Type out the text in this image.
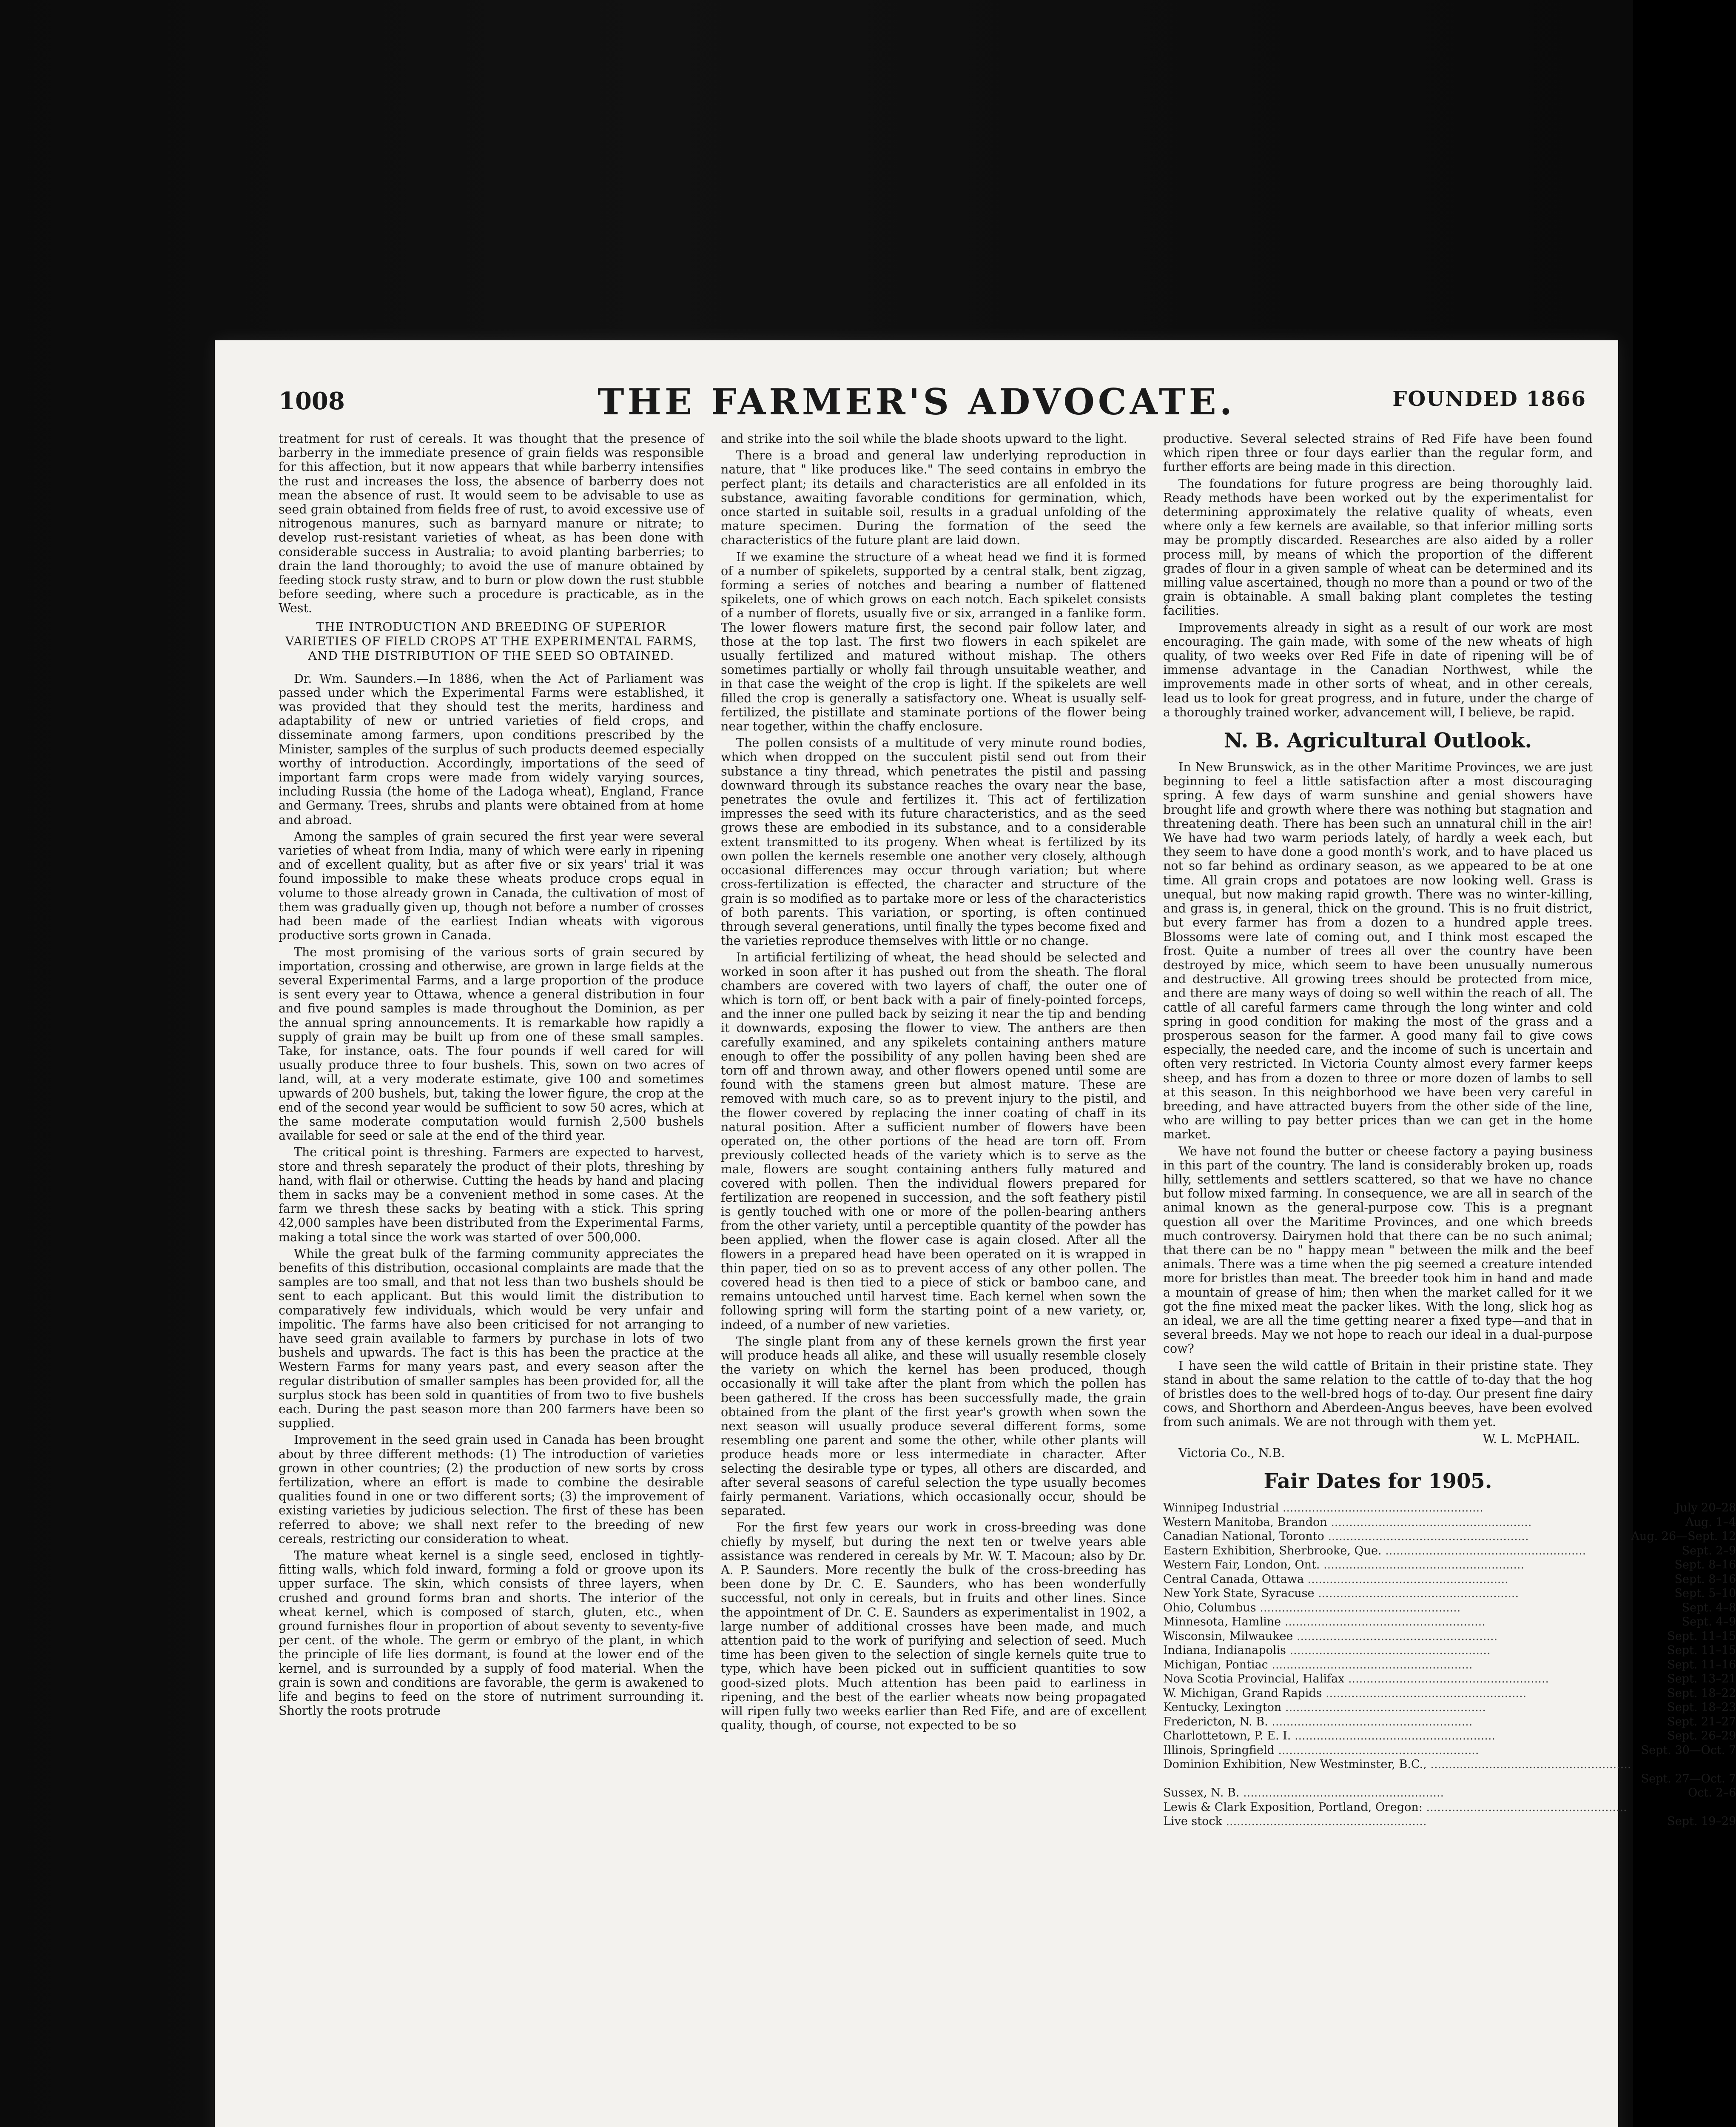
1008	THE FARMER'S ADVOCATE.	FOUNDED 1866

treatment for rust of cereals. It was thought that the presence of barberry in the immediate presence of grain fields was responsible for this affection, but it now appears that while barberry intensifies the rust and increases the loss, the absence of barberry does not mean the absence of rust. It would seem to be advisable to use as seed grain obtained from fields free of rust, to avoid excessive use of nitrogenous manures, such as barnyard manure or nitrate; to develop rust-resistant varieties of wheat, as has been done with considerable success in Australia; to avoid planting barberries; to drain the land thoroughly; to avoid the use of manure obtained by feeding stock rusty straw, and to burn or plow down the rust stubble before seeding, where such a procedure is practicable, as in the West.

THE INTRODUCTION AND BREEDING OF SUPERIOR VARIETIES OF FIELD CROPS AT THE EXPERIMENTAL FARMS, AND THE DISTRIBUTION OF THE SEED SO OBTAINED.

Dr. Wm. Saunders.—In 1886, when the Act of Parliament was passed under which the Experimental Farms were established, it was provided that they should test the merits, hardiness and adaptability of new or untried varieties of field crops, and disseminate among farmers, upon conditions prescribed by the Minister, samples of the surplus of such products deemed especially worthy of introduction. Accordingly, importations of the seed of important farm crops were made from widely varying sources, including Russia (the home of the Ladoga wheat), England, France and Germany. Trees, shrubs and plants were obtained from at home and abroad.

Among the samples of grain secured the first year were several varieties of wheat from India, many of which were early in ripening and of excellent quality, but as after five or six years' trial it was found impossible to make these wheats produce crops equal in volume to those already grown in Canada, the cultivation of most of them was gradually given up, though not before a number of crosses had been made of the earliest Indian wheats with vigorous productive sorts grown in Canada.

The most promising of the various sorts of grain secured by importation, crossing and otherwise, are grown in large fields at the several Experimental Farms, and a large proportion of the produce is sent every year to Ottawa, whence a general distribution in four and five pound samples is made throughout the Dominion, as per the annual spring announcements. It is remarkable how rapidly a supply of grain may be built up from one of these small samples. Take, for instance, oats. The four pounds if well cared for will usually produce three to four bushels. This, sown on two acres of land, will, at a very moderate estimate, give 100 and sometimes upwards of 200 bushels, but, taking the lower figure, the crop at the end of the second year would be sufficient to sow 50 acres, which at the same moderate computation would furnish 2,500 bushels available for seed or sale at the end of the third year.

The critical point is threshing. Farmers are expected to harvest, store and thresh separately the product of their plots, threshing by hand, with flail or otherwise. Cutting the heads by hand and placing them in sacks may be a convenient method in some cases. At the farm we thresh these sacks by beating with a stick. This spring 42,000 samples have been distributed from the Experimental Farms, making a total since the work was started of over 500,000.

While the great bulk of the farming community appreciates the benefits of this distribution, occasional complaints are made that the samples are too small, and that not less than two bushels should be sent to each applicant. But this would limit the distribution to comparatively few individuals, which would be very unfair and impolitic. The farms have also been criticised for not arranging to have seed grain available to farmers by purchase in lots of two bushels and upwards. The fact is this has been the practice at the Western Farms for many years past, and every season after the regular distribution of smaller samples has been provided for, all the surplus stock has been sold in quantities of from two to five bushels each. During the past season more than 200 farmers have been so supplied.

Improvement in the seed grain used in Canada has been brought about by three different methods: (1) The introduction of varieties grown in other countries; (2) the production of new sorts by cross fertilization, where an effort is made to combine the desirable qualities found in one or two different sorts; (3) the improvement of existing varieties by judicious selection. The first of these has been referred to above; we shall next refer to the breeding of new cereals, restricting our consideration to wheat.

The mature wheat kernel is a single seed, enclosed in tightly-fitting walls, which fold inward, forming a fold or groove upon its upper surface. The skin, which consists of three layers, when crushed and ground forms bran and shorts. The interior of the wheat kernel, which is composed of starch, gluten, etc., when ground furnishes flour in proportion of about seventy to seventy-five per cent. of the whole. The germ or embryo of the plant, in which the principle of life lies dormant, is found at the lower end of the kernel, and is surrounded by a supply of food material. When the grain is sown and conditions are favorable, the germ is awakened to life and begins to feed on the store of nutriment surrounding it. Shortly the roots protrude

and strike into the soil while the blade shoots upward to the light.

There is a broad and general law underlying reproduction in nature, that " like produces like." The seed contains in embryo the perfect plant; its details and characteristics are all enfolded in its substance, awaiting favorable conditions for germination, which, once started in suitable soil, results in a gradual unfolding of the mature specimen. During the formation of the seed the characteristics of the future plant are laid down.

If we examine the structure of a wheat head we find it is formed of a number of spikelets, supported by a central stalk, bent zigzag, forming a series of notches and bearing a number of flattened spikelets, one of which grows on each notch. Each spikelet consists of a number of florets, usually five or six, arranged in a fanlike form. The lower flowers mature first, the second pair follow later, and those at the top last. The first two flowers in each spikelet are usually fertilized and matured without mishap. The others sometimes partially or wholly fail through unsuitable weather, and in that case the weight of the crop is light. If the spikelets are well filled the crop is generally a satisfactory one. Wheat is usually self-fertilized, the pistillate and staminate portions of the flower being near together, within the chaffy enclosure.

The pollen consists of a multitude of very minute round bodies, which when dropped on the succulent pistil send out from their substance a tiny thread, which penetrates the pistil and passing downward through its substance reaches the ovary near the base, penetrates the ovule and fertilizes it. This act of fertilization impresses the seed with its future characteristics, and as the seed grows these are embodied in its substance, and to a considerable extent transmitted to its progeny. When wheat is fertilized by its own pollen the kernels resemble one another very closely, although occasional differences may occur through variation; but where cross-fertilization is effected, the character and structure of the grain is so modified as to partake more or less of the characteristics of both parents. This variation, or sporting, is often continued through several generations, until finally the types become fixed and the varieties reproduce themselves with little or no change.

In artificial fertilizing of wheat, the head should be selected and worked in soon after it has pushed out from the sheath. The floral chambers are covered with two layers of chaff, the outer one of which is torn off, or bent back with a pair of finely-pointed forceps, and the inner one pulled back by seizing it near the tip and bending it downwards, exposing the flower to view. The anthers are then carefully examined, and any spikelets containing anthers mature enough to offer the possibility of any pollen having been shed are torn off and thrown away, and other flowers opened until some are found with the stamens green but almost mature. These are removed with much care, so as to prevent injury to the pistil, and the flower covered by replacing the inner coating of chaff in its natural position. After a sufficient number of flowers have been operated on, the other portions of the head are torn off. From previously collected heads of the variety which is to serve as the male, flowers are sought containing anthers fully matured and covered with pollen. Then the individual flowers prepared for fertilization are reopened in succession, and the soft feathery pistil is gently touched with one or more of the pollen-bearing anthers from the other variety, until a perceptible quantity of the powder has been applied, when the flower case is again closed. After all the flowers in a prepared head have been operated on it is wrapped in thin paper, tied on so as to prevent access of any other pollen. The covered head is then tied to a piece of stick or bamboo cane, and remains untouched until harvest time. Each kernel when sown the following spring will form the starting point of a new variety, or, indeed, of a number of new varieties.

The single plant from any of these kernels grown the first year will produce heads all alike, and these will usually resemble closely the variety on which the kernel has been produced, though occasionally it will take after the plant from which the pollen has been gathered. If the cross has been successfully made, the grain obtained from the plant of the first year's growth when sown the next season will usually produce several different forms, some resembling one parent and some the other, while other plants will produce heads more or less intermediate in character. After selecting the desirable type or types, all others are discarded, and after several seasons of careful selection the type usually becomes fairly permanent. Variations, which occasionally occur, should be separated.

For the first few years our work in cross-breeding was done chiefly by myself, but during the next ten or twelve years able assistance was rendered in cereals by Mr. W. T. Macoun; also by Dr. A. P. Saunders. More recently the bulk of the cross-breeding has been done by Dr. C. E. Saunders, who has been wonderfully successful, not only in cereals, but in fruits and other lines. Since the appointment of Dr. C. E. Saunders as experimentalist in 1902, a large number of additional crosses have been made, and much attention paid to the work of purifying and selection of seed. Much time has been given to the selection of single kernels quite true to type, which have been picked out in sufficient quantities to sow good-sized plots. Much attention has been paid to earliness in ripening, and the best of the earlier wheats now being propagated will ripen fully two weeks earlier than Red Fife, and are of excellent quality, though, of course, not expected to be so

productive. Several selected strains of Red Fife have been found which ripen three or four days earlier than the regular form, and further efforts are being made in this direction.

The foundations for future progress are being thoroughly laid. Ready methods have been worked out by the experimentalist for determining approximately the relative quality of wheats, even where only a few kernels are available, so that inferior milling sorts may be promptly discarded. Researches are also aided by a roller process mill, by means of which the proportion of the different grades of flour in a given sample of wheat can be determined and its milling value ascertained, though no more than a pound or two of the grain is obtainable. A small baking plant completes the testing facilities.

Improvements already in sight as a result of our work are most encouraging. The gain made, with some of the new wheats of high quality, of two weeks over Red Fife in date of ripening will be of immense advantage in the Canadian Northwest, while the improvements made in other sorts of wheat, and in other cereals, lead us to look for great progress, and in future, under the charge of a thoroughly trained worker, advancement will, I believe, be rapid.

N. B. Agricultural Outlook.

In New Brunswick, as in the other Maritime Provinces, we are just beginning to feel a little satisfaction after a most discouraging spring. A few days of warm sunshine and genial showers have brought life and growth where there was nothing but stagnation and threatening death. There has been such an unnatural chill in the air! We have had two warm periods lately, of hardly a week each, but they seem to have done a good month's work, and to have placed us not so far behind as ordinary season, as we appeared to be at one time. All grain crops and potatoes are now looking well. Grass is unequal, but now making rapid growth. There was no winter-killing, and grass is, in general, thick on the ground. This is no fruit district, but every farmer has from a dozen to a hundred apple trees. Blossoms were late of coming out, and I think most escaped the frost. Quite a number of trees all over the country have been destroyed by mice, which seem to have been unusually numerous and destructive. All growing trees should be protected from mice, and there are many ways of doing so well within the reach of all. The cattle of all careful farmers came through the long winter and cold spring in good condition for making the most of the grass and a prosperous season for the farmer. A good many fail to give cows especially, the needed care, and the income of such is uncertain and often very restricted. In Victoria County almost every farmer keeps sheep, and has from a dozen to three or more dozen of lambs to sell at this season. In this neighborhood we have been very careful in breeding, and have attracted buyers from the other side of the line, who are willing to pay better prices than we can get in the home market.

We have not found the butter or cheese factory a paying business in this part of the country. The land is considerably broken up, roads hilly, settlements and settlers scattered, so that we have no chance but follow mixed farming. In consequence, we are all in search of the animal known as the general-purpose cow. This is a pregnant question all over the Maritime Provinces, and one which breeds much controversy. Dairymen hold that there can be no such animal; that there can be no " happy mean " between the milk and the beef animals. There was a time when the pig seemed a creature intended more for bristles than meat. The breeder took him in hand and made a mountain of grease of him; then when the market called for it we got the fine mixed meat the packer likes. With the long, slick hog as an ideal, we are all the time getting nearer a fixed type—and that in several breeds. May we not hope to reach our ideal in a dual-purpose cow?

I have seen the wild cattle of Britain in their pristine state. They stand in about the same relation to the cattle of to-day that the hog of bristles does to the well-bred hogs of to-day. Our present fine dairy cows, and Shorthorn and Aberdeen-Angus beeves, have been evolved from such animals. We are not through with them yet.

W. L. McPHAIL.

Victoria Co., N.B.

Fair Dates for 1905.
Winnipeg Industrial .....	July 20–28
Western Manitoba, Brandon .....	Aug. 1–4
Canadian National, Toronto .....	Aug. 26—Sept. 12
Eastern Exhibition, Sherbrooke, Que. .....	Sept. 2–9
Western Fair, London, Ont. .....	Sept. 8–16
Central Canada, Ottawa .....	Sept. 8–16
New York State, Syracuse .....	Sept. 5–10
Ohio, Columbus .....	Sept. 4–8
Minnesota, Hamline .....	Sept. 4–9
Wisconsin, Milwaukee .....	Sept. 11–15
Indiana, Indianapolis .....	Sept. 11–15
Michigan, Pontiac .....	Sept. 11–16
Nova Scotia Provincial, Halifax .....	Sept. 13–21
W. Michigan, Grand Rapids .....	Sept. 18–22
Kentucky, Lexington .....	Sept. 18–23
Fredericton, N. B. .....	Sept. 21–27
Charlottetown, P. E. I. .....	Sept. 26–29
Illinois, Springfield .....	Sept. 30—Oct. 7
Dominion Exhibition, New Westminster, B.C., .....	
	Sept. 27—Oct. 7
Sussex, N. B. .....	Oct. 2–6
Lewis & Clark Exposition, Portland, Oregon: .....	
Live stock .....	Sept. 19–29
